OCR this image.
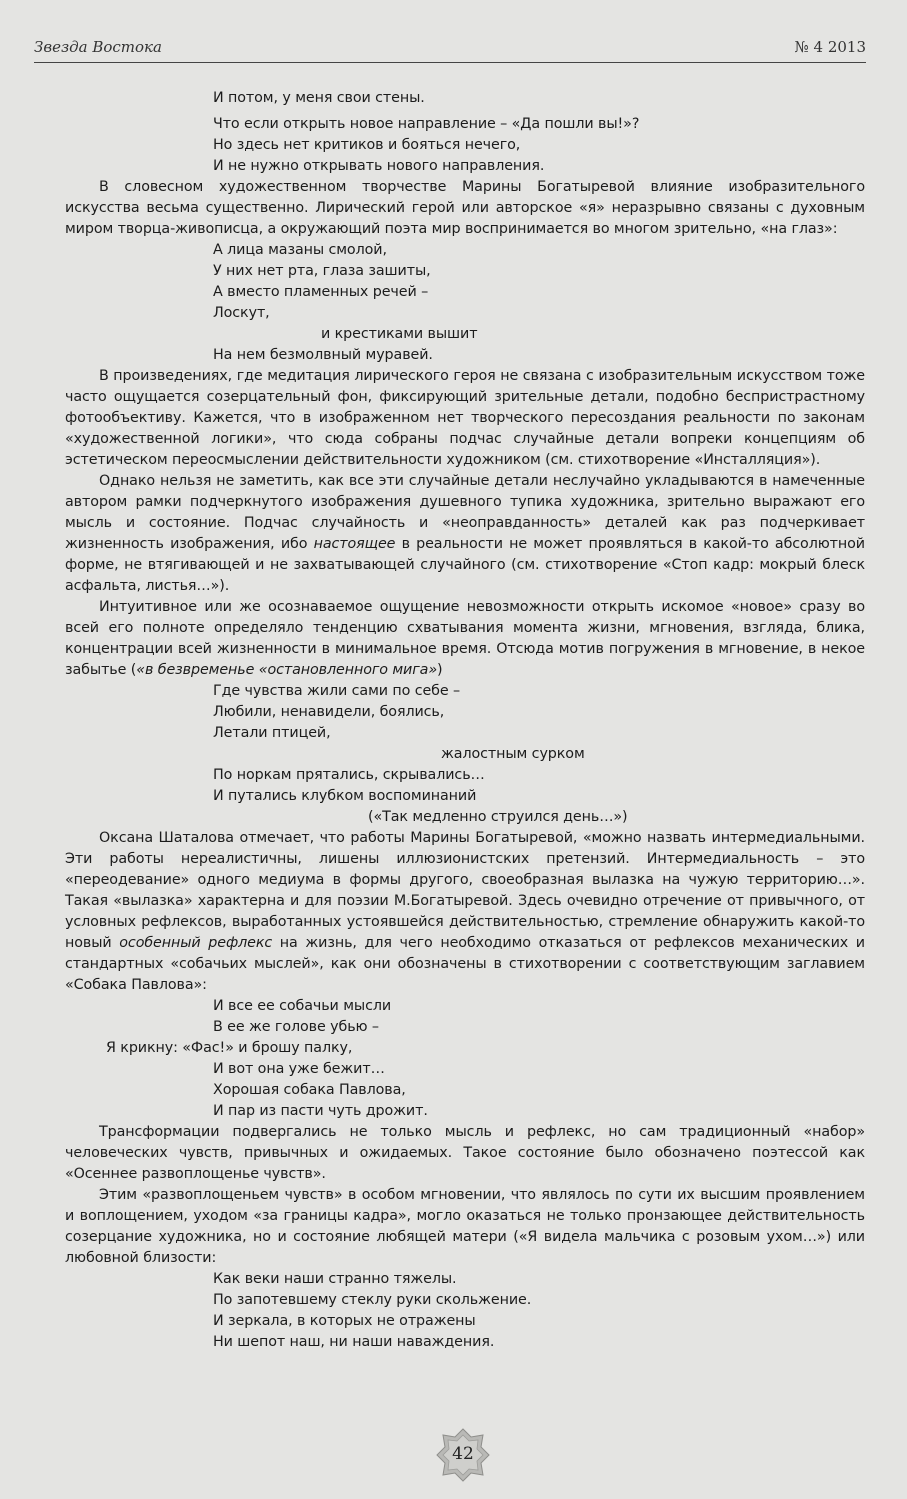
Звезда Востока	№ 4 2013

И потом, у меня свои стены.

Что если открыть новое направление – «Да пошли вы!»?

Но здесь нет критиков и бояться нечего,

И не нужно открывать нового направления.

В словесном художественном творчестве Марины Богатыревой влияние изобразительного искусства весьма существенно. Лирический герой или авторское «я» неразрывно связаны с духовным миром творца-живописца, а окружающий поэта мир воспринимается во многом зрительно, «на глаз»:

А лица мазаны смолой,

У них нет рта, глаза зашиты,

А вместо пламенных речей –

Лоскут,

и крестиками вышит

На нем безмолвный муравей.

В произведениях, где медитация лирического героя не связана с изобразительным искусством тоже часто ощущается созерцательный фон, фиксирующий зрительные детали, подобно беспристрастному фотообъективу. Кажется, что в изображенном нет творческого пересоздания реальности по законам «художественной логики», что сюда собраны подчас случайные детали вопреки концепциям об эстетическом переосмыслении действительности художником (см. стихотворение «Инсталляция»).

Однако нельзя не заметить, как все эти случайные детали неслучайно укладываются в намеченные автором рамки подчеркнутого изображения душевного тупика художника, зрительно выражают его мысль и состояние. Подчас случайность и «неоправданность» деталей как раз подчеркивает жизненность изображения, ибо настоящее в реальности не может проявляться в какой-то абсолютной форме, не втягивающей и не захватывающей случайного (см. стихотворение «Стоп кадр: мокрый блеск асфальта, листья…»).

Интуитивное или же осознаваемое ощущение невозможности открыть искомое «новое» сразу во всей его полноте определяло тенденцию схватывания момента жизни, мгновения, взгляда, блика, концентрации всей жизненности в минимальное время. Отсюда мотив погружения в мгновение, в некое забытье («в безвременье «остановленного мига»)

Где чувства жили сами по себе –

Любили, ненавидели, боялись,

Летали птицей,

жалостным сурком

По норкам прятались, скрывались…

И путались клубком воспоминаний

(«Так медленно струился день…»)

Оксана Шаталова отмечает, что работы Марины Богатыревой, «можно назвать интермедиальными. Эти работы нереалистичны, лишены иллюзионистских претензий. Интермедиальность – это «переодевание» одного медиума в формы другого, своеобразная вылазка на чужую территорию…». Такая «вылазка» характерна и для поэзии М.Богатыревой. Здесь очевидно отречение от привычного, от условных рефлексов, выработанных устоявшейся действительностью, стремление обнаружить какой-то новый особенный рефлекс на жизнь, для чего необходимо отказаться от рефлексов механических и стандартных «собачьих мыслей», как они обозначены в стихотворении с соответствующим заглавием «Собака Павлова»:

И все ее собачьи мысли

В ее же голове убью –

Я крикну: «Фас!» и брошу палку,

И вот она уже бежит…

Хорошая собака Павлова,

И пар из пасти чуть дрожит.

Трансформации подвергались не только мысль и рефлекс, но сам традиционный «набор» человеческих чувств, привычных и ожидаемых. Такое состояние было обозначено поэтессой как «Осеннее развоплощенье чувств».

Этим «развоплощеньем чувств» в особом мгновении, что являлось по сути их высшим проявлением и воплощением, уходом «за границы кадра», могло оказаться не только пронзающее действительность созерцание художника, но и состояние любящей матери («Я видела мальчика с розовым ухом…») или любовной близости:

Как веки наши странно тяжелы.

По запотевшему стеклу руки скольжение.

И зеркала, в которых не отражены

Ни шепот наш, ни наши наваждения.

42
